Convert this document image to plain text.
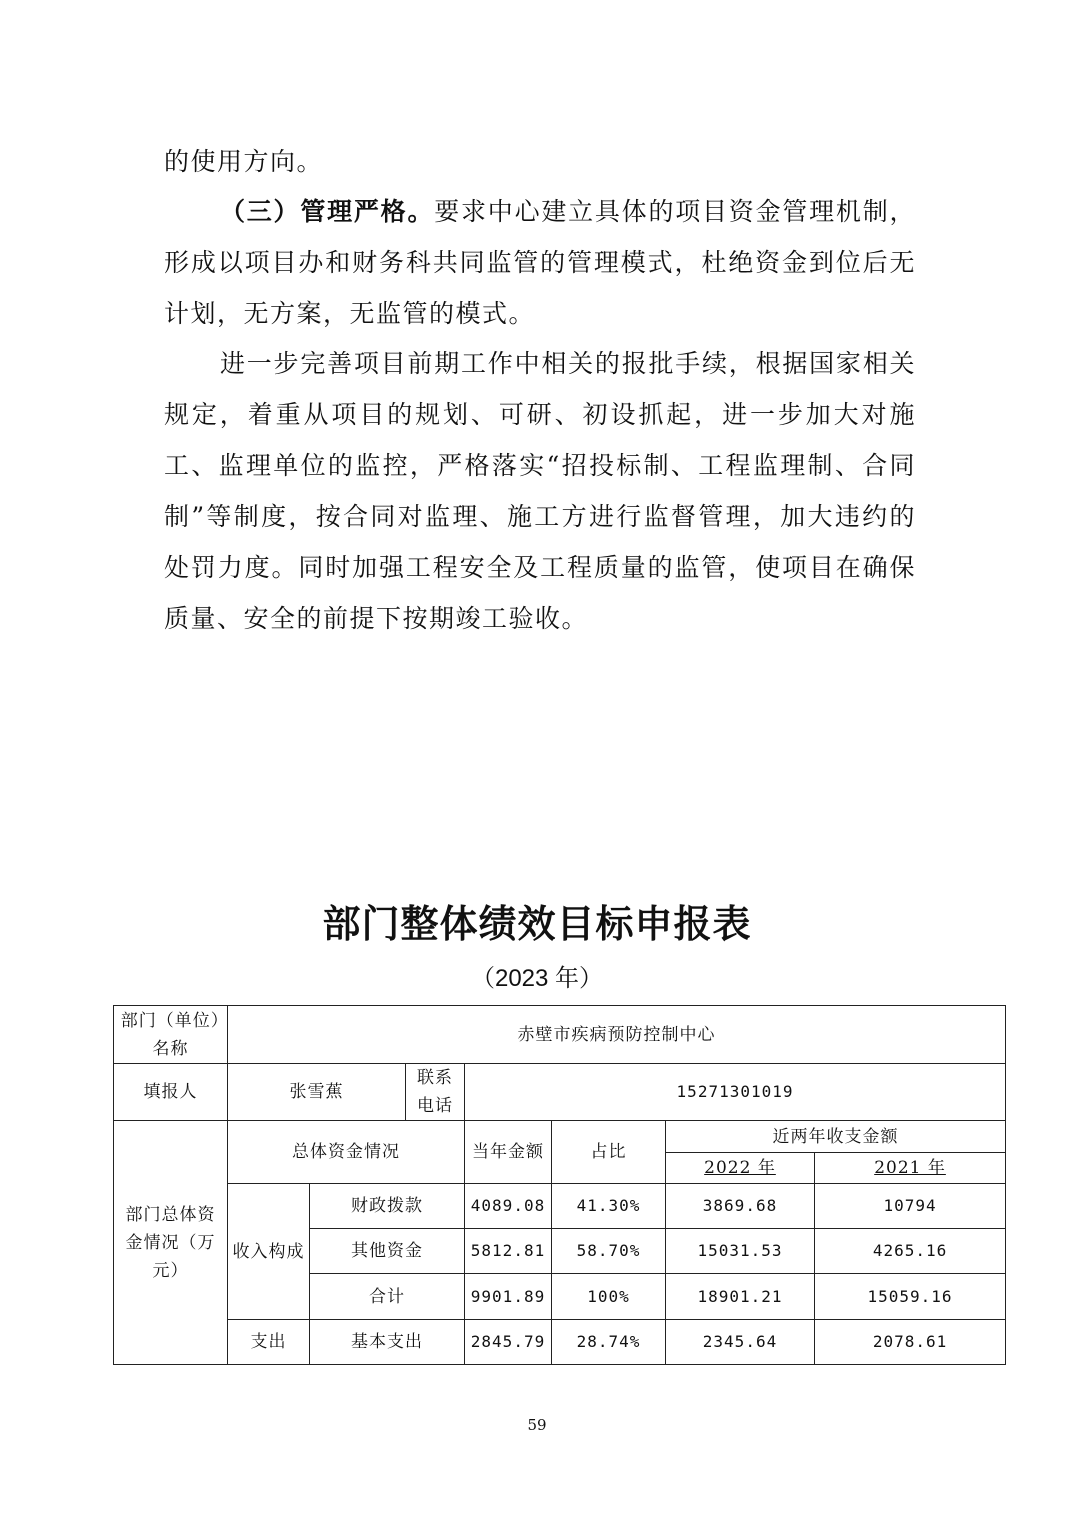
的使用方向。

（三）管理严格。要求中心建立具体的项目资金管理机制，形成以项目办和财务科共同监管的管理模式，杜绝资金到位后无计划，无方案，无监管的模式。

进一步完善项目前期工作中相关的报批手续，根据国家相关规定，着重从项目的规划、可研、初设抓起，进一步加大对施工、监理单位的监控，严格落实“招投标制、工程监理制、合同制”等制度，按合同对监理、施工方进行监督管理，加大违约的处罚力度。同时加强工程安全及工程质量的监管，使项目在确保质量、安全的前提下按期竣工验收。

部门整体绩效目标申报表

（2023 年）

部门（单位）名称	赤壁市疾病预防控制中心						
填报人	张雪蕉		联系电话	15271301019			
部门总体资金情况（万元）	总体资金情况			当年金额	占比	近两年收支金额	
						2022 年	2021 年
	收入构成	财政拨款		4089.08	41.30%	3869.68	10794
		其他资金		5812.81	58.70%	15031.53	4265.16
		合计		9901.89	100%	18901.21	15059.16
	支出	基本支出		2845.79	28.74%	2345.64	2078.61
59
